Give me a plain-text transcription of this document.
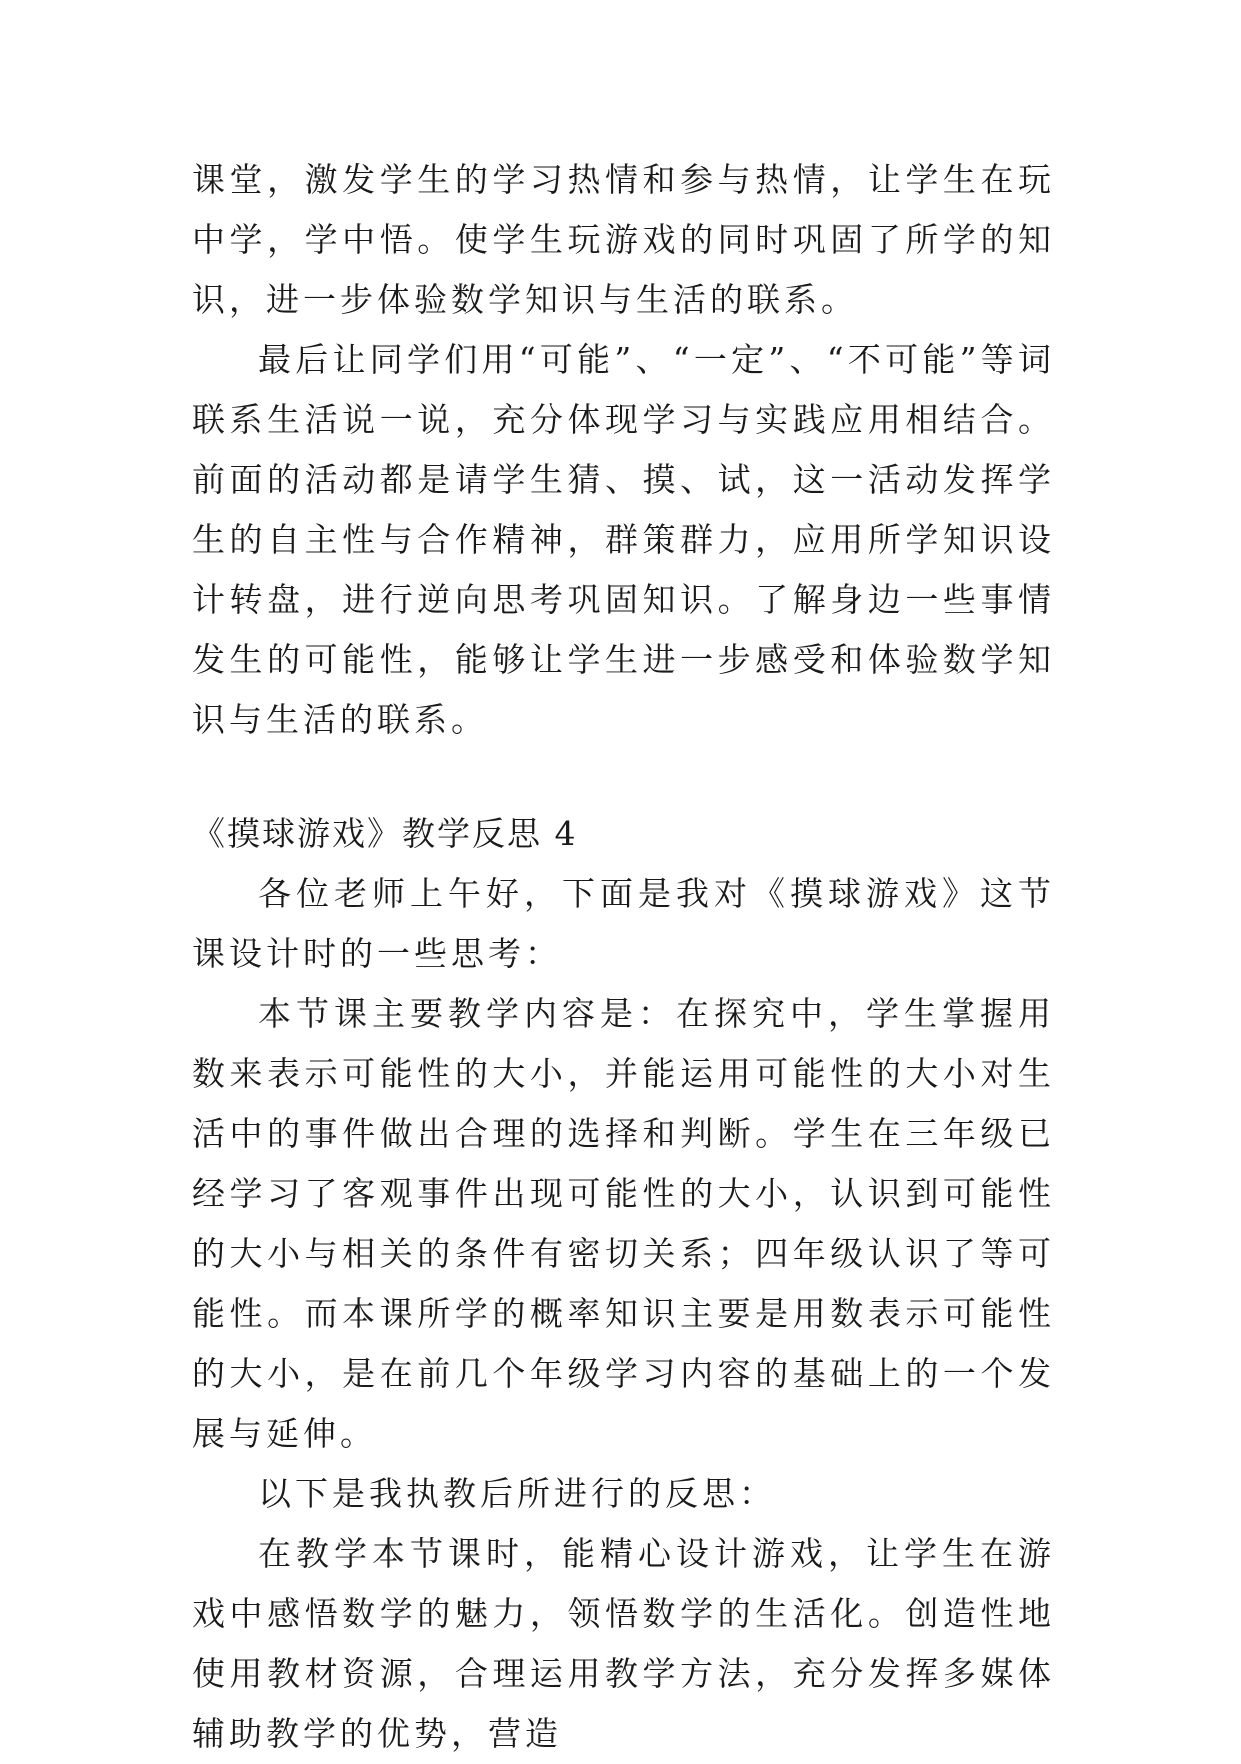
课堂，激发学生的学习热情和参与热情，让学生在玩中学，学中悟。使学生玩游戏的同时巩固了所学的知识，进一步体验数学知识与生活的联系。

最后让同学们用“可能”、“一定”、“不可能”等词联系生活说一说，充分体现学习与实践应用相结合。前面的活动都是请学生猜、摸、试，这一活动发挥学生的自主性与合作精神，群策群力，应用所学知识设计转盘，进行逆向思考巩固知识。了解身边一些事情发生的可能性，能够让学生进一步感受和体验数学知识与生活的联系。

《摸球游戏》教学反思 4

各位老师上午好，下面是我对《摸球游戏》这节课设计时的一些思考：

本节课主要教学内容是：在探究中，学生掌握用数来表示可能性的大小，并能运用可能性的大小对生活中的事件做出合理的选择和判断。学生在三年级已经学习了客观事件出现可能性的大小，认识到可能性的大小与相关的条件有密切关系；四年级认识了等可能性。而本课所学的概率知识主要是用数表示可能性的大小，是在前几个年级学习内容的基础上的一个发展与延伸。

以下是我执教后所进行的反思：

在教学本节课时，能精心设计游戏，让学生在游戏中感悟数学的魅力，领悟数学的生活化。创造性地使用教材资源，合理运用教学方法，充分发挥多媒体辅助教学的优势，营造
